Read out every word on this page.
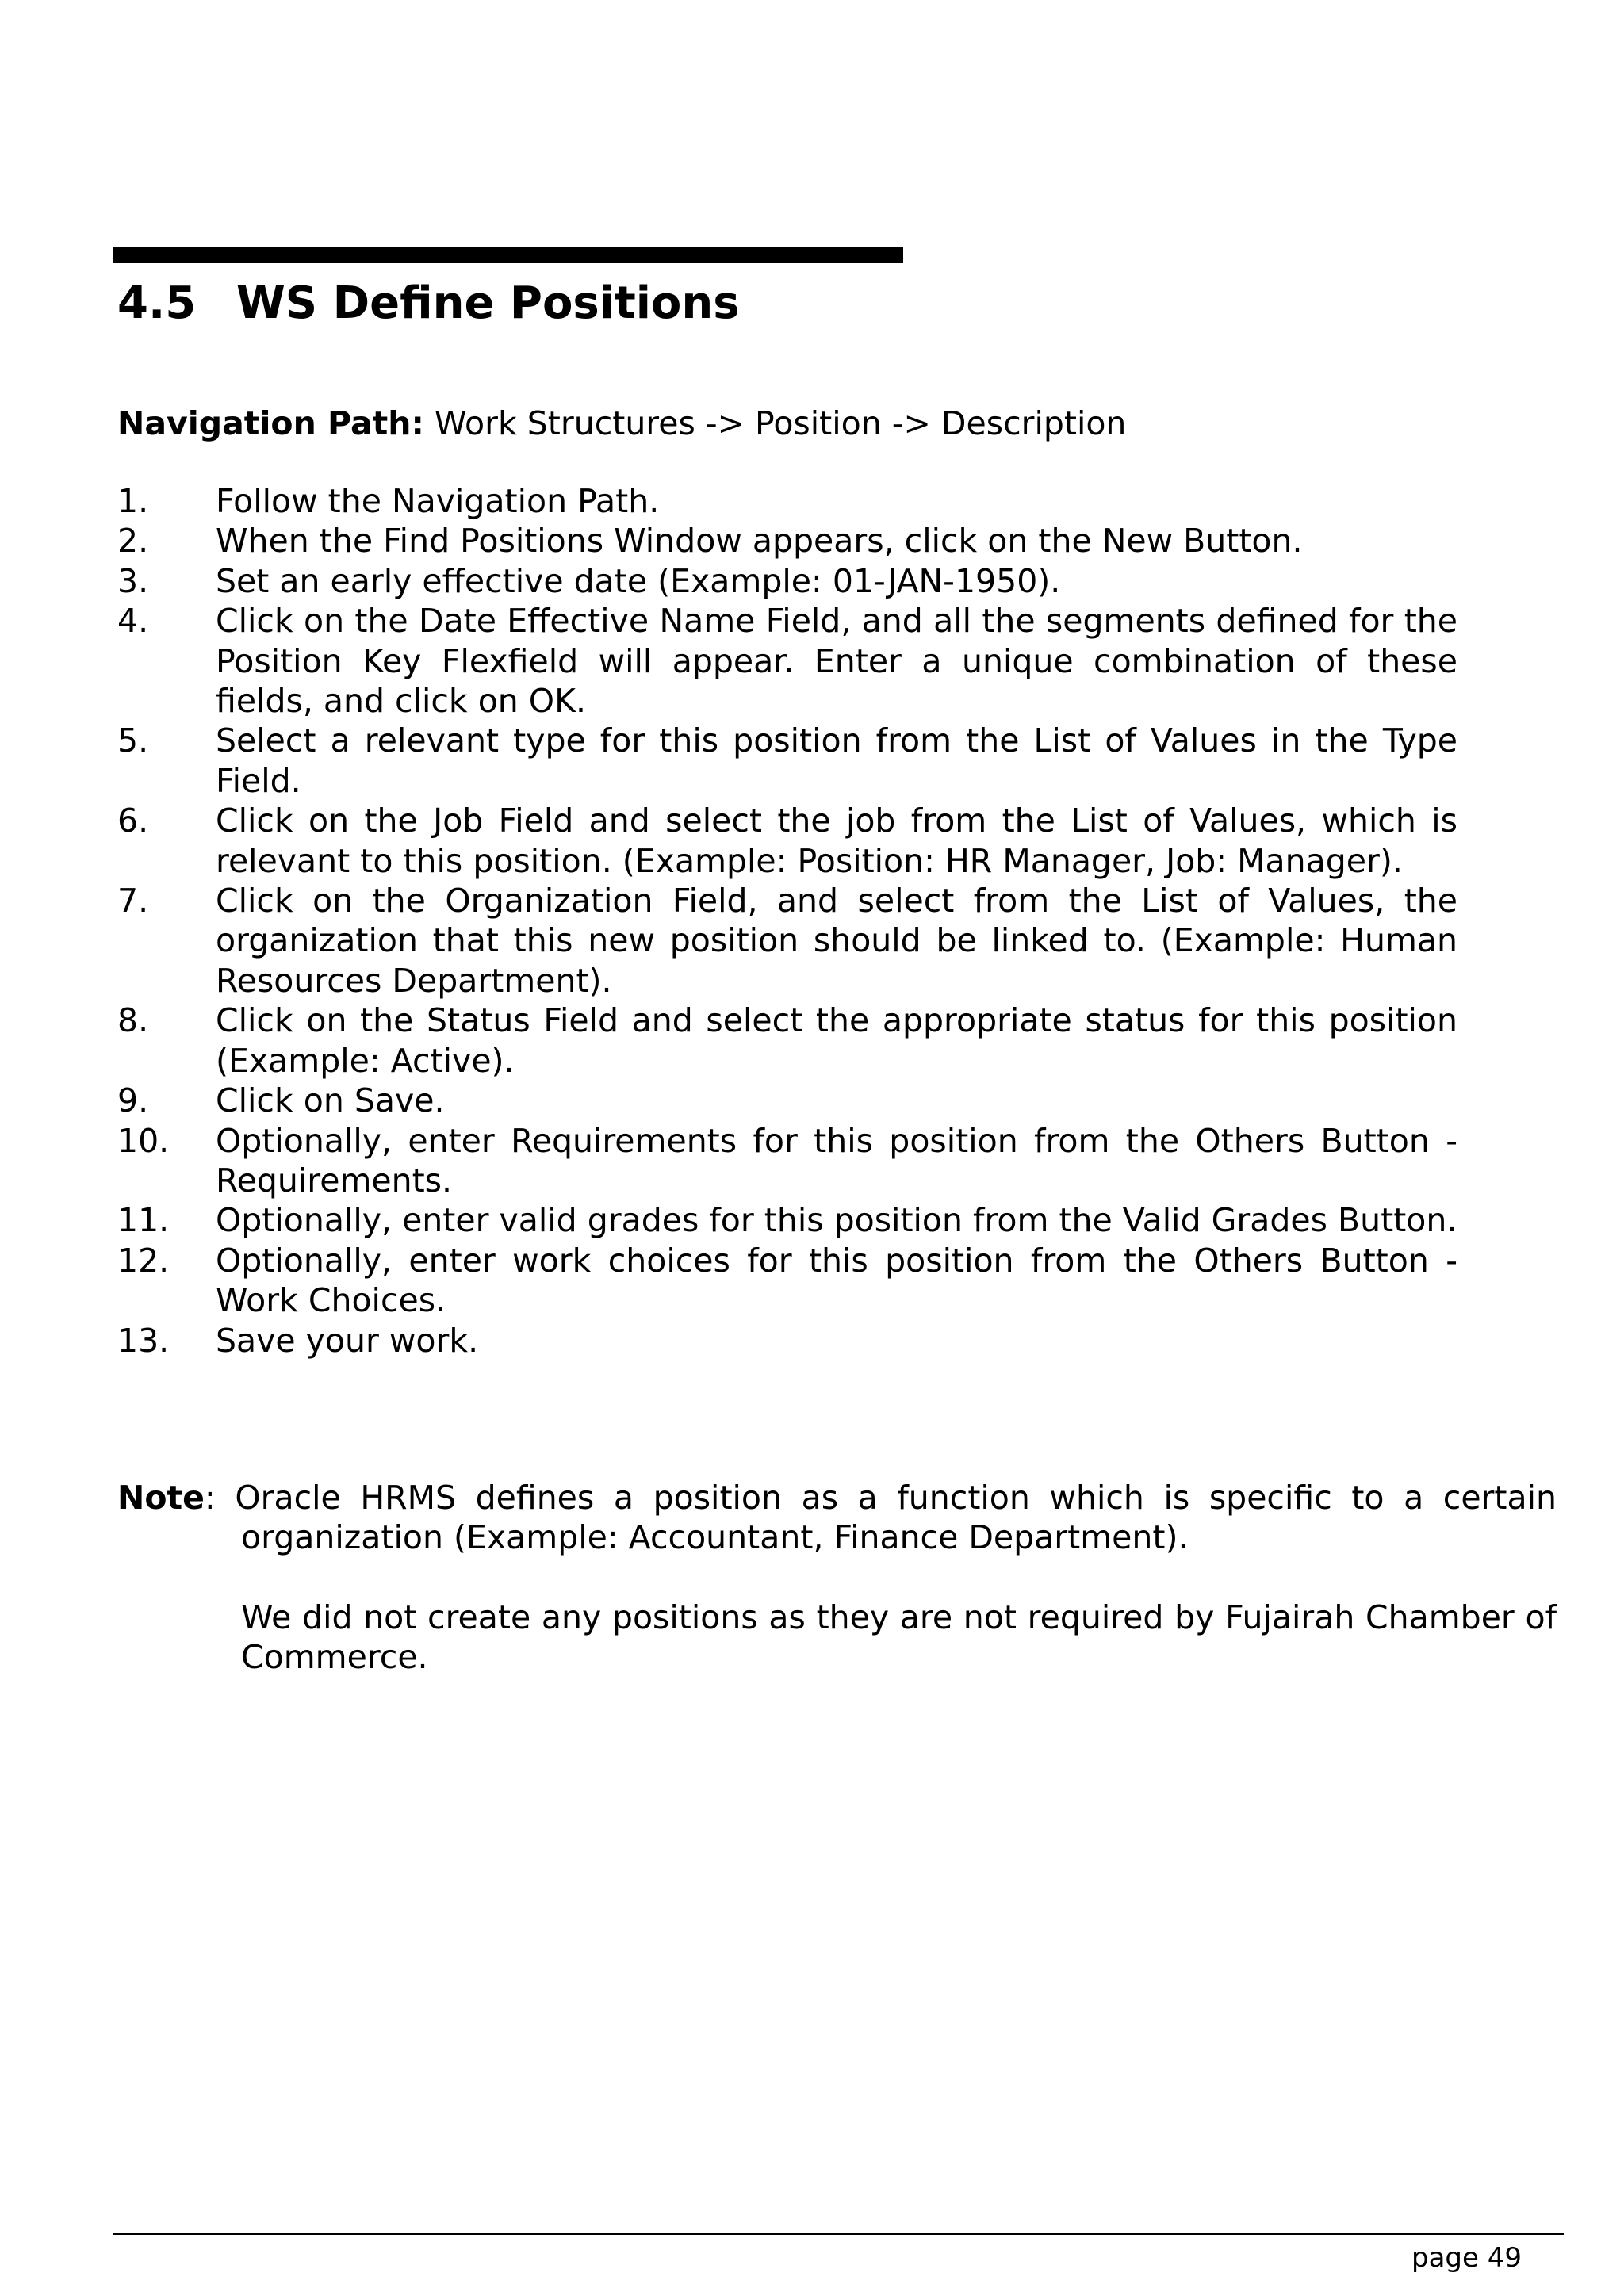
4.5 WS Define Positions
Navigation Path: Work Structures -> Position -> Description
1.	Follow the Navigation Path.
2.	When the Find Positions Window appears, click on the New Button.
3.	Set an early effective date (Example: 01-JAN-1950).
4.	Click on the Date Effective Name Field, and all the segments defined for the Position Key Flexfield will appear. Enter a unique combination of these fields, and click on OK.
5.	Select a relevant type for this position from the List of Values in the Type Field.
6.	Click on the Job Field and select the job from the List of Values, which is relevant to this position. (Example: Position: HR Manager, Job: Manager).
7.	Click on the Organization Field, and select from the List of Values, the organization that this new position should be linked to. (Example: Human Resources Department).
8.	Click on the Status Field and select the appropriate status for this position (Example: Active).
9.	Click on Save.
10.	Optionally, enter Requirements for this position from the Others Button - Requirements.
11.	Optionally, enter valid grades for this position from the Valid Grades Button.
12.	Optionally, enter work choices for this position from the Others Button - Work Choices.
13.	Save your work.

Note: Oracle HRMS defines a position as a function which is specific to a certain organization (Example: Accountant, Finance Department).

We did not create any positions as they are not required by Fujairah Chamber of Commerce.

page 49
